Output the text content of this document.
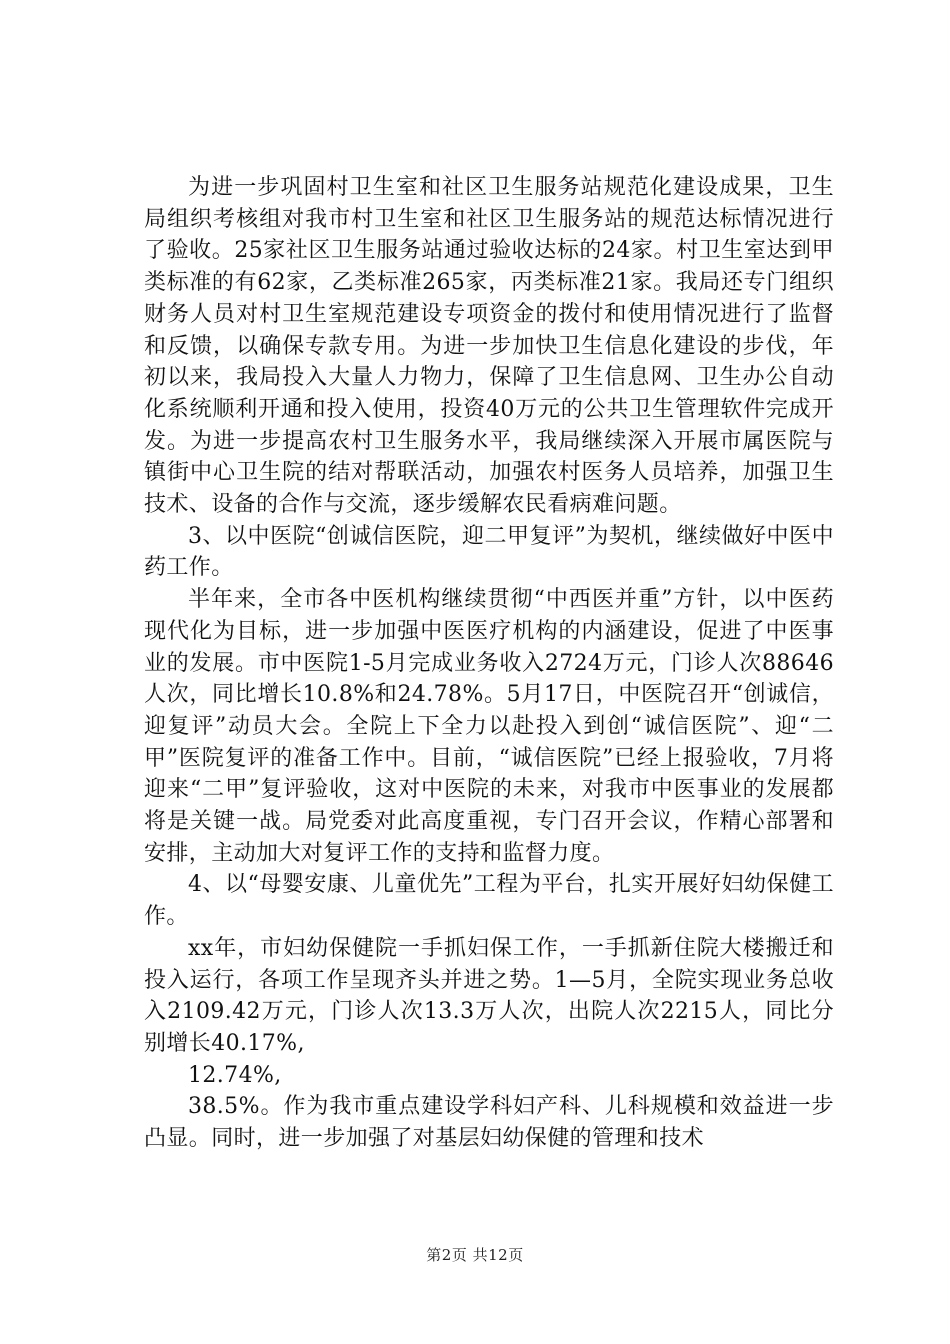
为进一步巩固村卫生室和社区卫生服务站规范化建设成果，卫生局组织考核组对我市村卫生室和社区卫生服务站的规范达标情况进行了验收。25家社区卫生服务站通过验收达标的24家。村卫生室达到甲类标准的有62家，乙类标准265家，丙类标准21家。我局还专门组织财务人员对村卫生室规范建设专项资金的拨付和使用情况进行了监督和反馈，以确保专款专用。为进一步加快卫生信息化建设的步伐，年初以来，我局投入大量人力物力，保障了卫生信息网、卫生办公自动化系统顺利开通和投入使用，投资40万元的公共卫生管理软件完成开发。为进一步提高农村卫生服务水平，我局继续深入开展市属医院与镇街中心卫生院的结对帮联活动，加强农村医务人员培养，加强卫生技术、设备的合作与交流，逐步缓解农民看病难问题。

3、以中医院“创诚信医院，迎二甲复评”为契机，继续做好中医中药工作。

半年来，全市各中医机构继续贯彻“中西医并重”方针，以中医药现代化为目标，进一步加强中医医疗机构的内涵建设，促进了中医事业的发展。市中医院1-5月完成业务收入2724万元，门诊人次88646人次，同比增长10.8%和24.78%。5月17日，中医院召开“创诚信，迎复评”动员大会。全院上下全力以赴投入到创“诚信医院”、迎“二甲”医院复评的准备工作中。目前，“诚信医院”已经上报验收，7月将迎来“二甲”复评验收，这对中医院的未来，对我市中医事业的发展都将是关键一战。局党委对此高度重视，专门召开会议，作精心部署和安排，主动加大对复评工作的支持和监督力度。

4、以“母婴安康、儿童优先”工程为平台，扎实开展好妇幼保健工作。

xx年，市妇幼保健院一手抓妇保工作，一手抓新住院大楼搬迁和投入运行，各项工作呈现齐头并进之势。1—5月，全院实现业务总收入2109.42万元，门诊人次13.3万人次，出院人次2215人，同比分别增长40.17%,

12.74%,

38.5%。作为我市重点建设学科妇产科、儿科规模和效益进一步凸显。同时，进一步加强了对基层妇幼保健的管理和技术

第2页 共12页
